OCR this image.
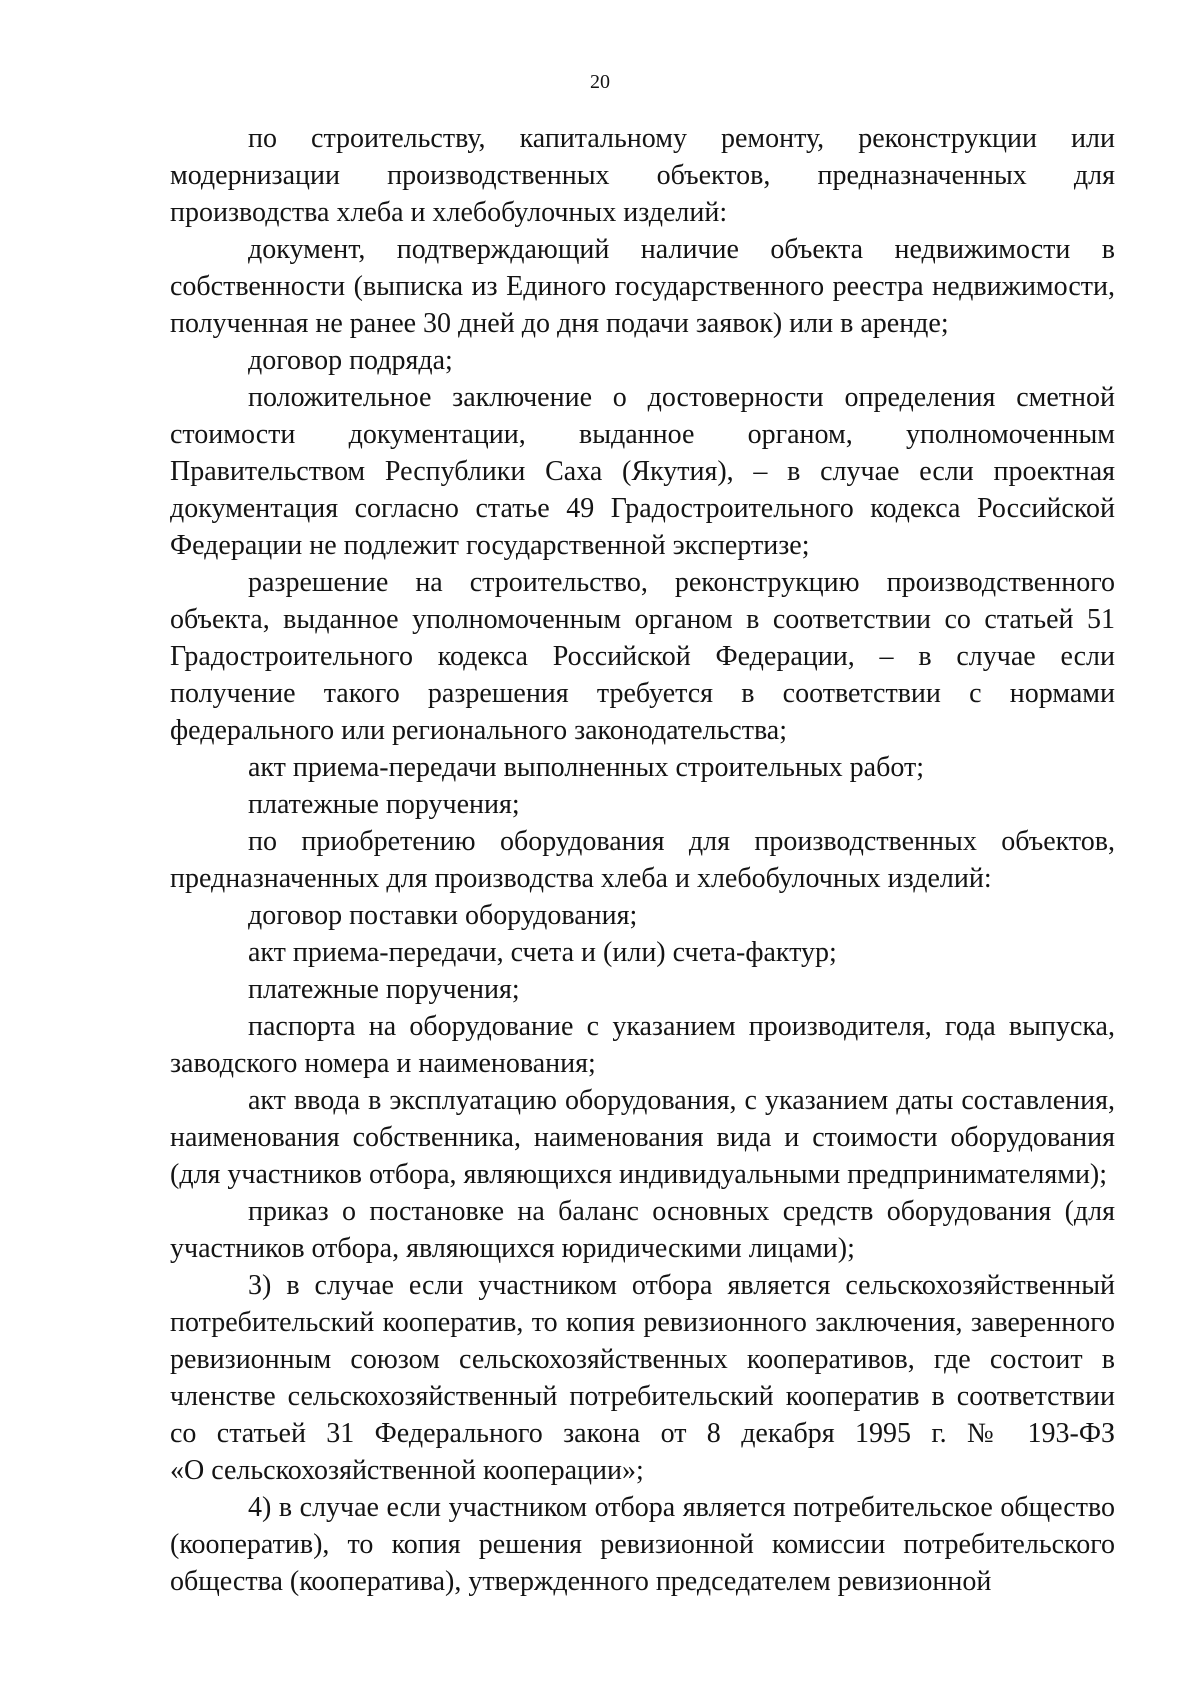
20

по строительству, капитальному ремонту, реконструкции или
модернизации производственных объектов, предназначенных для
производства хлеба и хлебобулочных изделий:

документ, подтверждающий наличие объекта недвижимости в
собственности (выписка из Единого государственного реестра недвижимости,
полученная не ранее 30 дней до дня подачи заявок) или в аренде;

договор подряда;

положительное заключение о достоверности определения сметной
стоимости документации, выданное органом, уполномоченным
Правительством Республики Саха (Якутия), – в случае если проектная
документация согласно статье 49 Градостроительного кодекса Российской
Федерации не подлежит государственной экспертизе;

разрешение на строительство, реконструкцию производственного
объекта, выданное уполномоченным органом в соответствии со статьей 51
Градостроительного кодекса Российской Федерации, – в случае если
получение такого разрешения требуется в соответствии с нормами
федерального или регионального законодательства;

акт приема-передачи выполненных строительных работ;

платежные поручения;

по приобретению оборудования для производственных объектов,
предназначенных для производства хлеба и хлебобулочных изделий:

договор поставки оборудования;

акт приема-передачи, счета и (или) счета-фактур;

платежные поручения;

паспорта на оборудование с указанием производителя, года выпуска,
заводского номера и наименования;

акт ввода в эксплуатацию оборудования, с указанием даты составления,
наименования собственника, наименования вида и стоимости оборудования
(для участников отбора, являющихся индивидуальными предпринимателями);

приказ о постановке на баланс основных средств оборудования (для
участников отбора, являющихся юридическими лицами);

3) в случае если участником отбора является сельскохозяйственный
потребительский кооператив, то копия ревизионного заключения, заверенного
ревизионным союзом сельскохозяйственных кооперативов, где состоит в
членстве сельскохозяйственный потребительский кооператив в соответствии
со статьей 31 Федерального закона от 8 декабря 1995 г. № 193-ФЗ
«О сельскохозяйственной кооперации»;

4) в случае если участником отбора является потребительское общество
(кооператив), то копия решения ревизионной комиссии потребительского
общества (кооператива), утвержденного председателем ревизионной
